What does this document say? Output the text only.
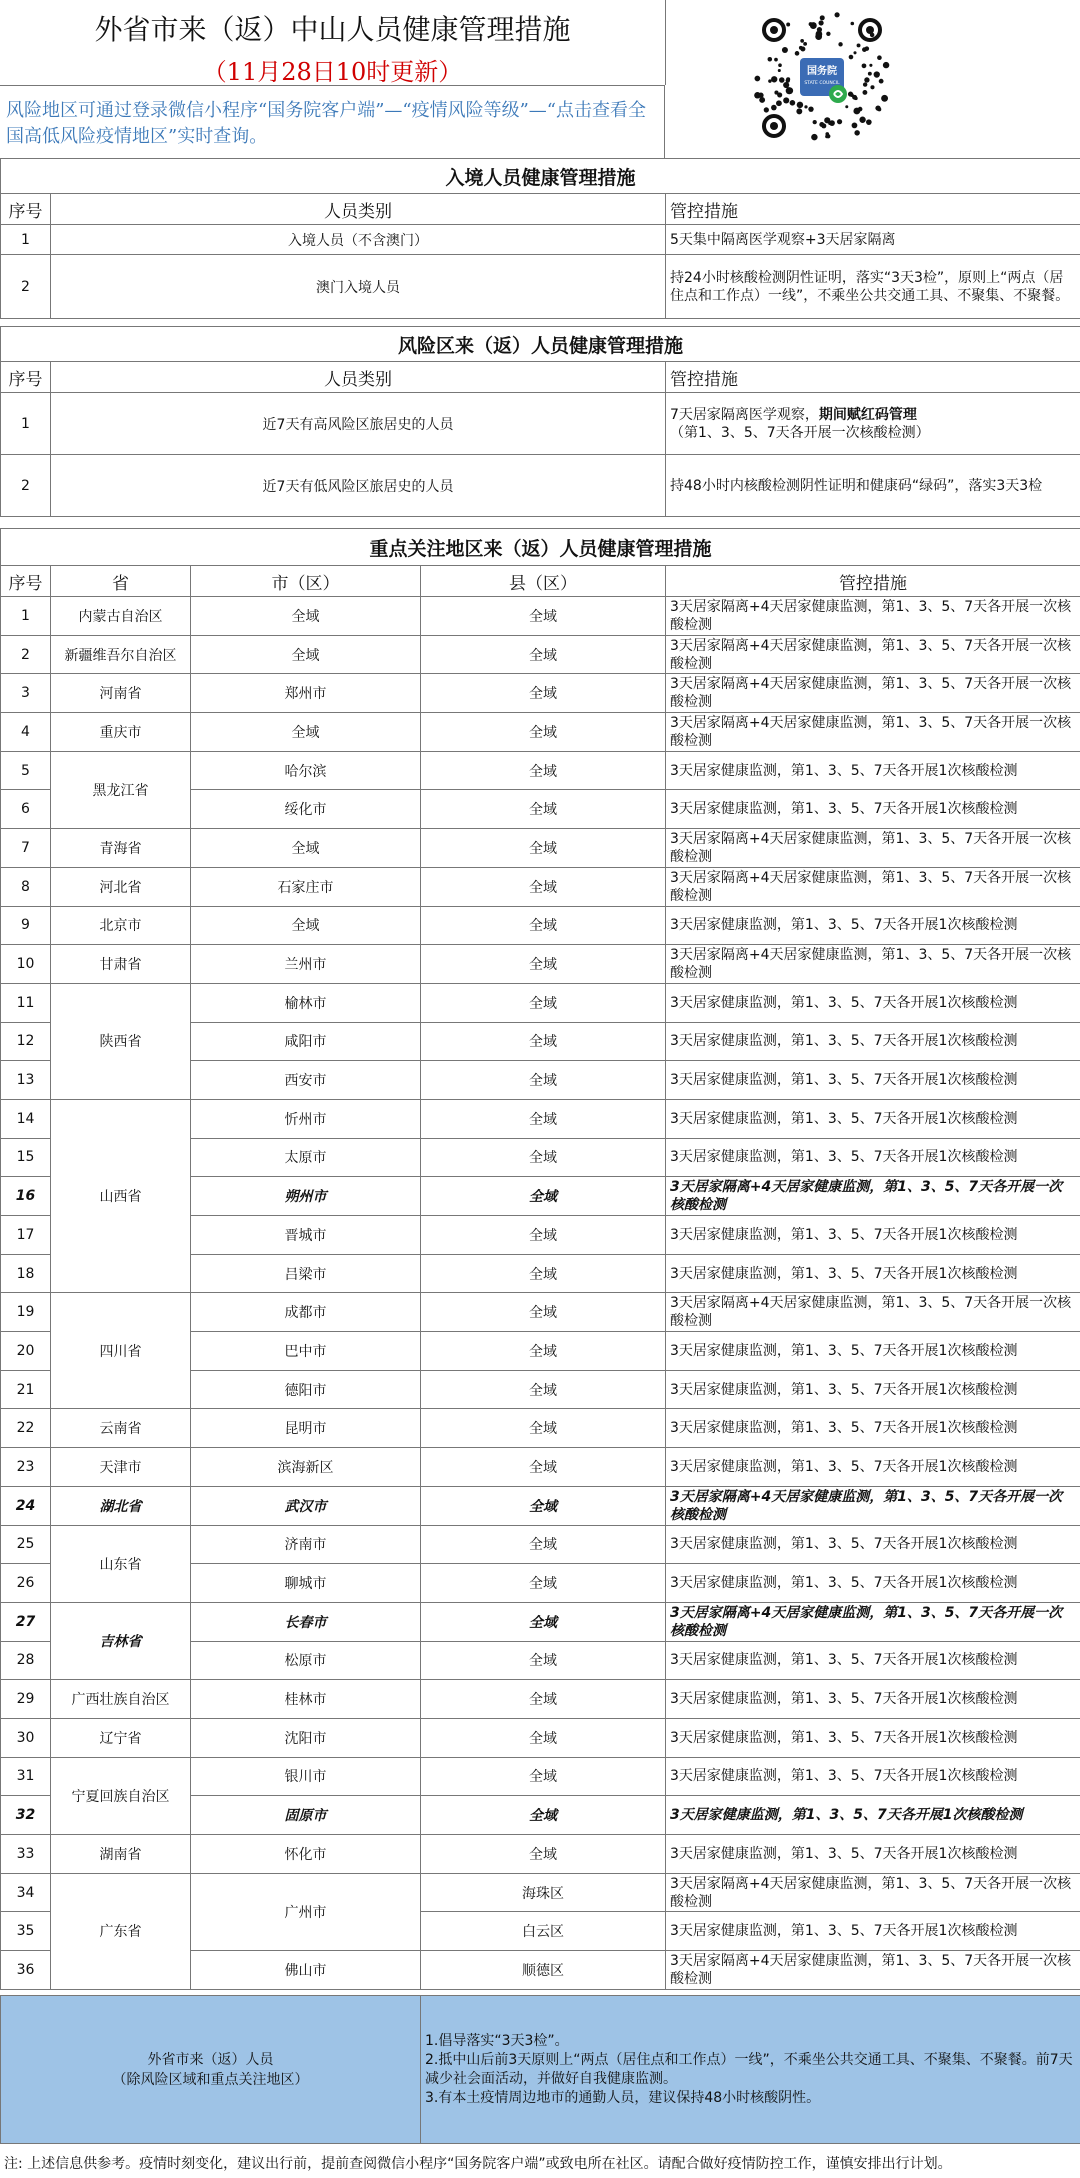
外省市来（返）中山人员健康管理措施
（11月28日10时更新）
风险地区可通过登录微信小程序“国务院客户端”—“疫情风险等级”—“点击查看全国高低风险疫情地区”实时查询。
国务院
STATE COUNCIL
入境人员健康管理措施		
序号	人员类别	管控措施
1	入境人员（不含澳门）	5天集中隔离医学观察+3天居家隔离
2	澳门入境人员	持24小时核酸检测阴性证明，落实“3天3检”，原则上“两点（居住点和工作点）一线”，不乘坐公共交通工具、不聚集、不聚餐。
风险区来（返）人员健康管理措施		
序号	人员类别	管控措施
1	近7天有高风险区旅居史的人员	7天居家隔离医学观察，期间赋红码管理
（第1、3、5、7天各开展一次核酸检测）
2	近7天有低风险区旅居史的人员	持48小时内核酸检测阴性证明和健康码“绿码”，落实3天3检
重点关注地区来（返）人员健康管理措施				
序号	省	市（区）	县（区）	管控措施
1	内蒙古自治区	全域	全域	3天居家隔离+4天居家健康监测，第1、3、5、7天各开展一次核酸检测
2	新疆维吾尔自治区	全域	全域	3天居家隔离+4天居家健康监测，第1、3、5、7天各开展一次核酸检测
3	河南省	郑州市	全域	3天居家隔离+4天居家健康监测，第1、3、5、7天各开展一次核酸检测
4	重庆市	全域	全域	3天居家隔离+4天居家健康监测，第1、3、5、7天各开展一次核酸检测
5	黑龙江省	哈尔滨	全域	3天居家健康监测，第1、3、5、7天各开展1次核酸检测
6		绥化市	全域	3天居家健康监测，第1、3、5、7天各开展1次核酸检测
7	青海省	全域	全域	3天居家隔离+4天居家健康监测，第1、3、5、7天各开展一次核酸检测
8	河北省	石家庄市	全域	3天居家隔离+4天居家健康监测，第1、3、5、7天各开展一次核酸检测
9	北京市	全域	全域	3天居家健康监测，第1、3、5、7天各开展1次核酸检测
10	甘肃省	兰州市	全域	3天居家隔离+4天居家健康监测，第1、3、5、7天各开展一次核酸检测
11	陕西省	榆林市	全域	3天居家健康监测，第1、3、5、7天各开展1次核酸检测
12		咸阳市	全域	3天居家健康监测，第1、3、5、7天各开展1次核酸检测
13		西安市	全域	3天居家健康监测，第1、3、5、7天各开展1次核酸检测
14	山西省	忻州市	全域	3天居家健康监测，第1、3、5、7天各开展1次核酸检测
15		太原市	全域	3天居家健康监测，第1、3、5、7天各开展1次核酸检测
16		朔州市	全域	3天居家隔离+4天居家健康监测，第1、3、5、7天各开展一次核酸检测
17		晋城市	全域	3天居家健康监测，第1、3、5、7天各开展1次核酸检测
18		吕梁市	全域	3天居家健康监测，第1、3、5、7天各开展1次核酸检测
19	四川省	成都市	全域	3天居家隔离+4天居家健康监测，第1、3、5、7天各开展一次核酸检测
20		巴中市	全域	3天居家健康监测，第1、3、5、7天各开展1次核酸检测
21		德阳市	全域	3天居家健康监测，第1、3、5、7天各开展1次核酸检测
22	云南省	昆明市	全域	3天居家健康监测，第1、3、5、7天各开展1次核酸检测
23	天津市	滨海新区	全域	3天居家健康监测，第1、3、5、7天各开展1次核酸检测
24	湖北省	武汉市	全域	3天居家隔离+4天居家健康监测，第1、3、5、7天各开展一次核酸检测
25	山东省	济南市	全域	3天居家健康监测，第1、3、5、7天各开展1次核酸检测
26		聊城市	全域	3天居家健康监测，第1、3、5、7天各开展1次核酸检测
27	吉林省	长春市	全域	3天居家隔离+4天居家健康监测，第1、3、5、7天各开展一次核酸检测
28		松原市	全域	3天居家健康监测，第1、3、5、7天各开展1次核酸检测
29	广西壮族自治区	桂林市	全域	3天居家健康监测，第1、3、5、7天各开展1次核酸检测
30	辽宁省	沈阳市	全域	3天居家健康监测，第1、3、5、7天各开展1次核酸检测
31	宁夏回族自治区	银川市	全域	3天居家健康监测，第1、3、5、7天各开展1次核酸检测
32		固原市	全域	3天居家健康监测，第1、3、5、7天各开展1次核酸检测
33	湖南省	怀化市	全域	3天居家健康监测，第1、3、5、7天各开展1次核酸检测
34	广东省	广州市	海珠区	3天居家隔离+4天居家健康监测，第1、3、5、7天各开展一次核酸检测
35			白云区	3天居家健康监测，第1、3、5、7天各开展1次核酸检测
36		佛山市	顺德区	3天居家隔离+4天居家健康监测，第1、3、5、7天各开展一次核酸检测
外省市来（返）人员
（除风险区域和重点关注地区）

1.倡导落实“3天3检”。
2.抵中山后前3天原则上“两点（居住点和工作点）一线”，不乘坐公共交通工具、不聚集、不聚餐。前7天减少社会面活动，并做好自我健康监测。
3.有本土疫情周边地市的通勤人员，建议保持48小时核酸阴性。
注: 上述信息供参考。疫情时刻变化，建议出行前，提前查阅微信小程序“国务院客户端”或致电所在社区。请配合做好疫情防控工作，谨慎安排出行计划。
